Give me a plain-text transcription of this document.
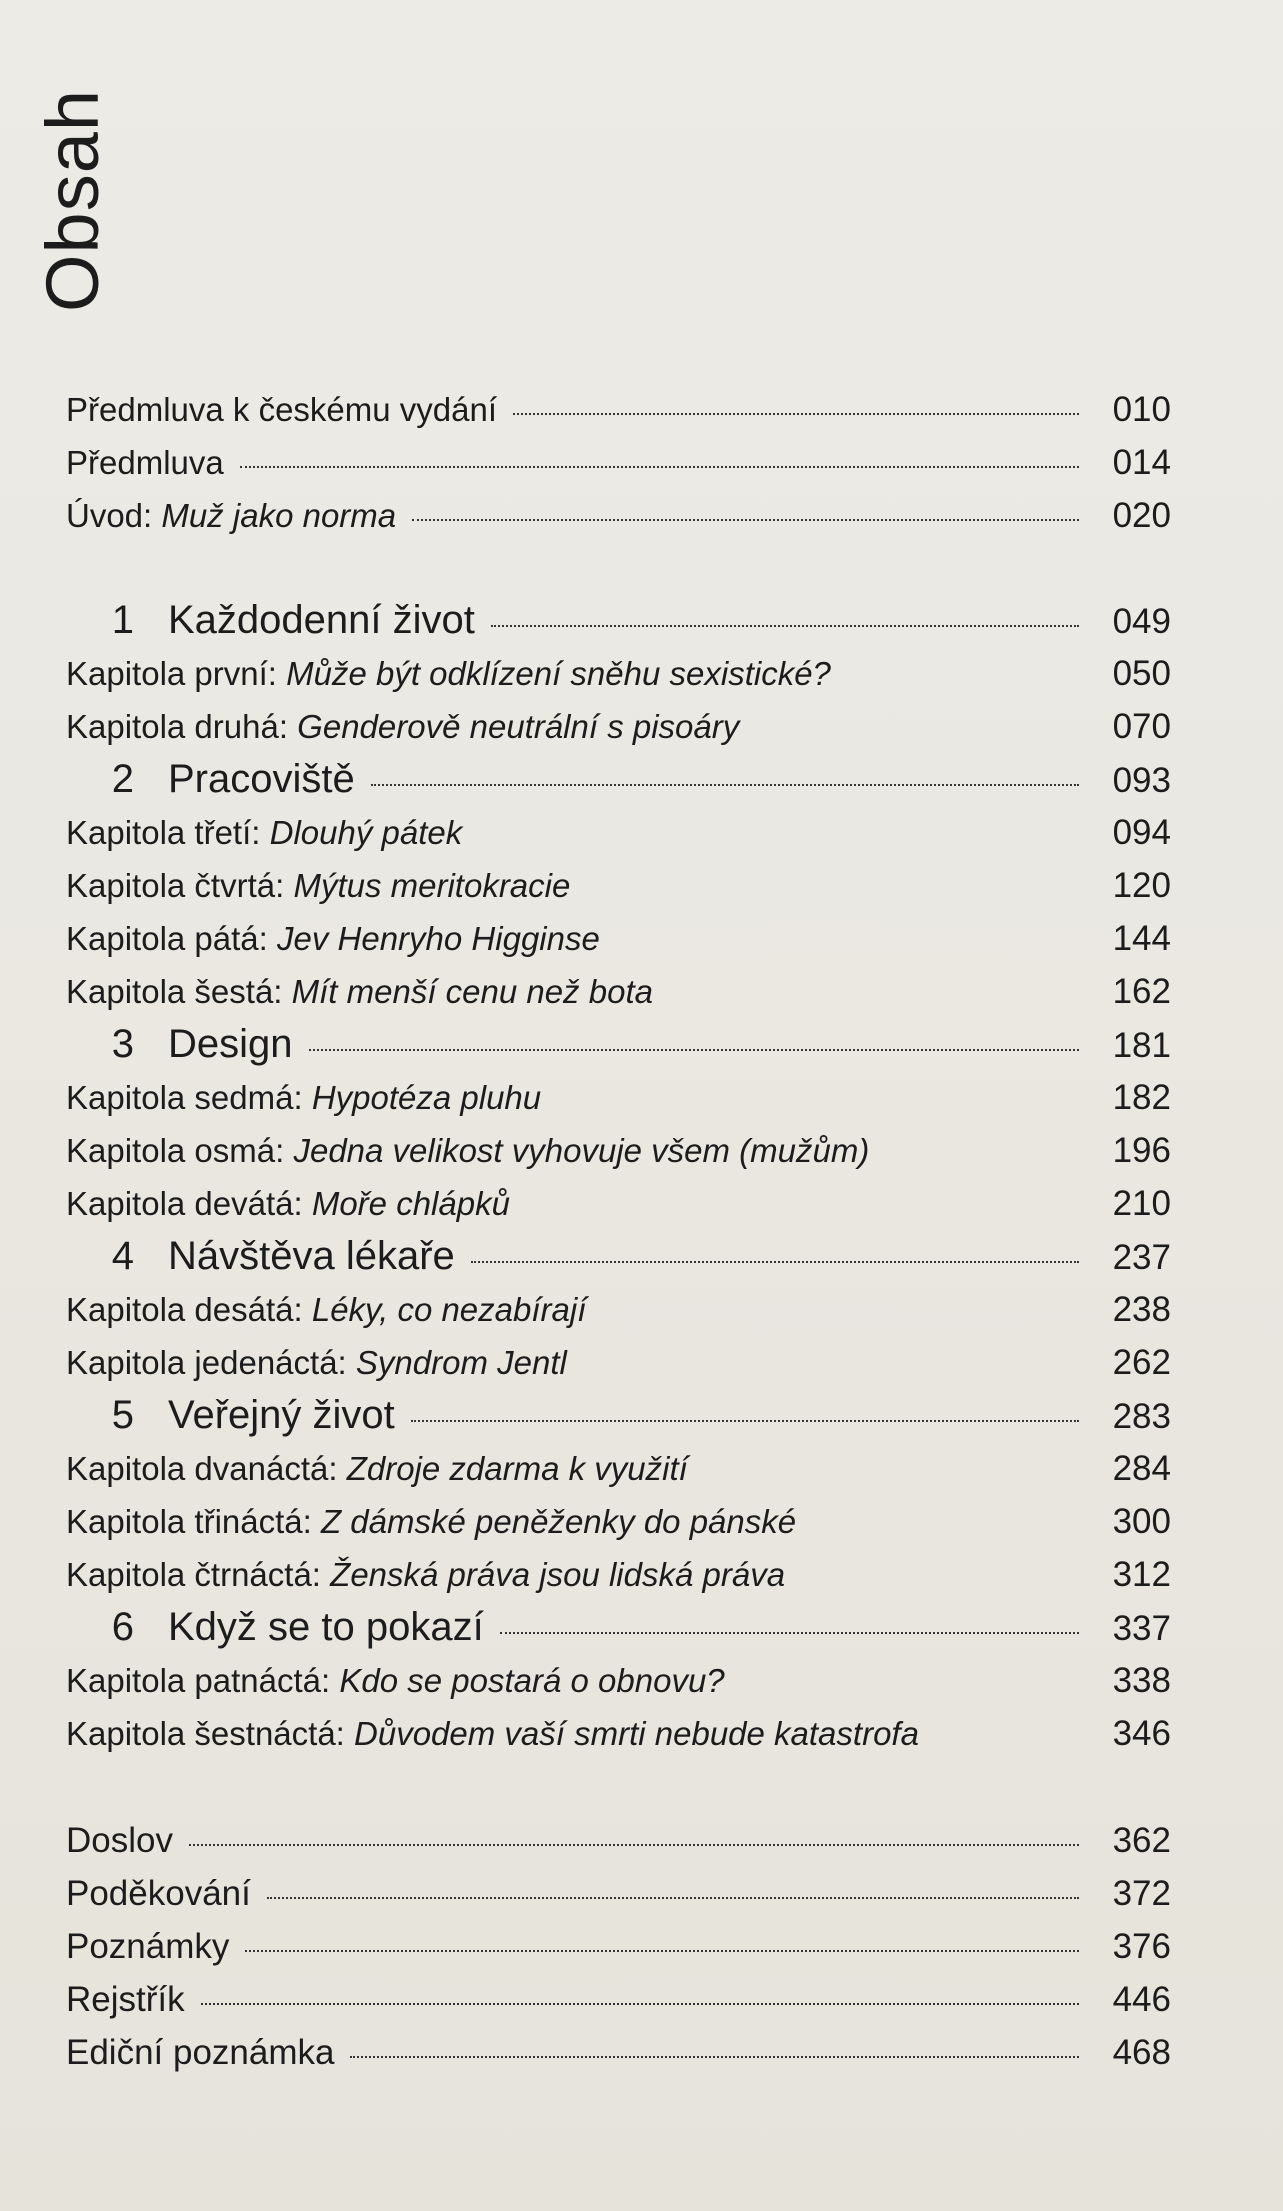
Obsah
Předmluva k českému vydání	010
Předmluva	014
Úvod: Muž jako norma	020
1 Každodenní život	049
Kapitola první: Může být odklízení sněhu sexistické?	050
Kapitola druhá: Genderově neutrální s pisoáry	070
2 Pracoviště	093
Kapitola třetí: Dlouhý pátek	094
Kapitola čtvrtá: Mýtus meritokracie	120
Kapitola pátá: Jev Henryho Higginse	144
Kapitola šestá: Mít menší cenu než bota	162
3 Design	181
Kapitola sedmá: Hypotéza pluhu	182
Kapitola osmá: Jedna velikost vyhovuje všem (mužům)	196
Kapitola devátá: Moře chlápků	210
4 Návštěva lékaře	237
Kapitola desátá: Léky, co nezabírají	238
Kapitola jedenáctá: Syndrom Jentl	262
5 Veřejný život	283
Kapitola dvanáctá: Zdroje zdarma k využití	284
Kapitola třináctá: Z dámské peněženky do pánské	300
Kapitola čtrnáctá: Ženská práva jsou lidská práva	312
6 Když se to pokazí	337
Kapitola patnáctá: Kdo se postará o obnovu?	338
Kapitola šestnáctá: Důvodem vaší smrti nebude katastrofa	346
Doslov	362
Poděkování	372
Poznámky	376
Rejstřík	446
Ediční poznámka	468
